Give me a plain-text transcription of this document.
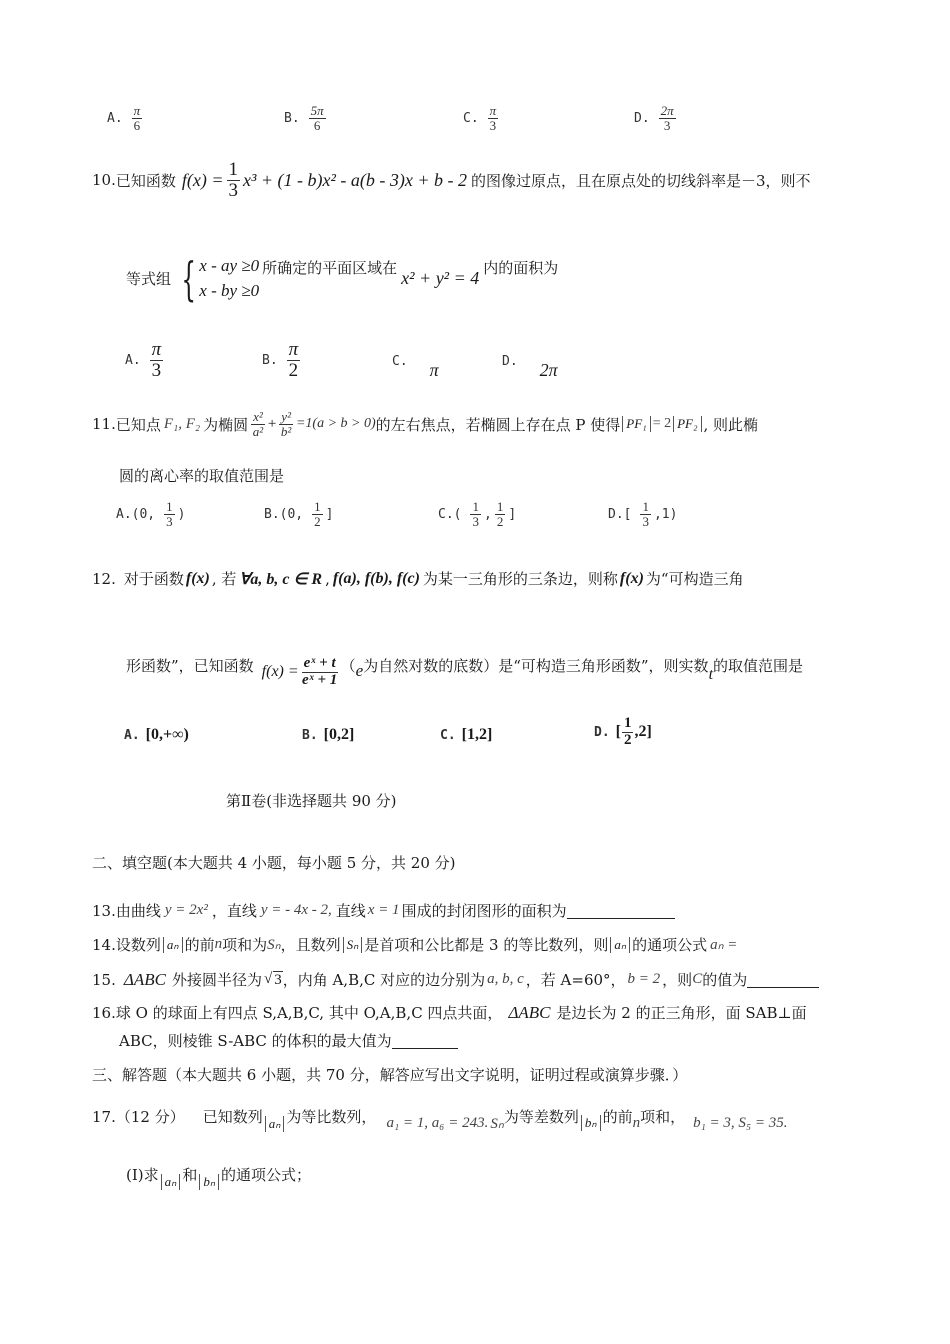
A. $\frac{\pi}{6}$	B. $\frac{5\pi}{6}$	C. $\frac{\pi}{3}$	D. $\frac{2\pi}{3}$
10. 已知函数 $f(x) = \frac{1}{3} x^3 + (1 - b)x^2 - a(b - 3)x + b - 2$ 的图像过原点，且在原点处的切线斜率是－3，则不
等式组 { x - ay ≥0
x - by ≥0
所确定的平面区域在 x² + y² = 4 内的面积为
A. $\frac{\pi}{3}$	B. $\frac{\pi}{2}$	C. π	D. 2π
11. 已知点 F₁, F₂ 为椭圆 $\frac{\text{x²}}{\text{a²}} + \frac{\text{y²}}{\text{b²}} =1(a > b > 0)$ 的左右焦点，若椭圆上存在点 P 使得 PF₁ = 2 PF₂ , 则此椭
圆的离心率的取值范围是
A.(0, $\frac{1}{3}$ )	B.(0, $\frac{1}{2}$ ]	$C.( \frac{1}{3}$ , $\frac{1}{2}$ ]	$D.[ \frac{1}{3} ,1)$
12. 对于函数 f(x) , 若 ∀a, b, c ∈ R , f(a), f(b), f(c) 为某一三角形的三条边，则称 f(x) 为“可构造三角
形函数”，已知函数 $f(x) = \frac{\text{eˣ + t}}{\text{eˣ + 1}}$ （ e 为自然对数的底数）是“可构造三角形函数”，则实数 t 的取值范围是
A. [0,+∞)	B. [0,2]	C. [1,2]	D. [ $\frac{1}{2} ,2$]
第Ⅱ卷(非选择题共 90 分)
二、填空题(本大题共 4 小题，每小题 5 分，共 20 分)
13. 由曲线 y = 2x² ，直线 y = - 4x - 2, 直线 x = 1 围成的封闭图形的面积为
14. 设数列 aₙ 的前 n 项和为 Sₙ ，且数列 Sₙ 是首项和公比都是 3 的等比数列，则 aₙ 的通项公式 aₙ =
15. ΔABC 外接圆半径为 √ 3 ，内角 A,B,C 对应的边分别为 a, b, c ，若 A=60°， b = 2 ，则 C 的值为
16. 球 O 的球面上有四点 S,A,B,C, 其中 O,A,B,C 四点共面， ΔABC 是边长为 2 的正三角形，面 SAB⊥面
ABC，则棱锥 S-ABC 的体积的最大值为
三、解答题（本大题共 6 小题，共 70 分，解答应写出文字说明，证明过程或演算步骤．）
17.（12 分） 已知数列 aₙ 为等比数列， a₁ = 1, a₆ = 243. Sₙ 为等差数列 bₙ 的前 n 项和， b₁ = 3, S₅ = 35.
(Ⅰ)求 aₙ 和 bₙ 的通项公式；
